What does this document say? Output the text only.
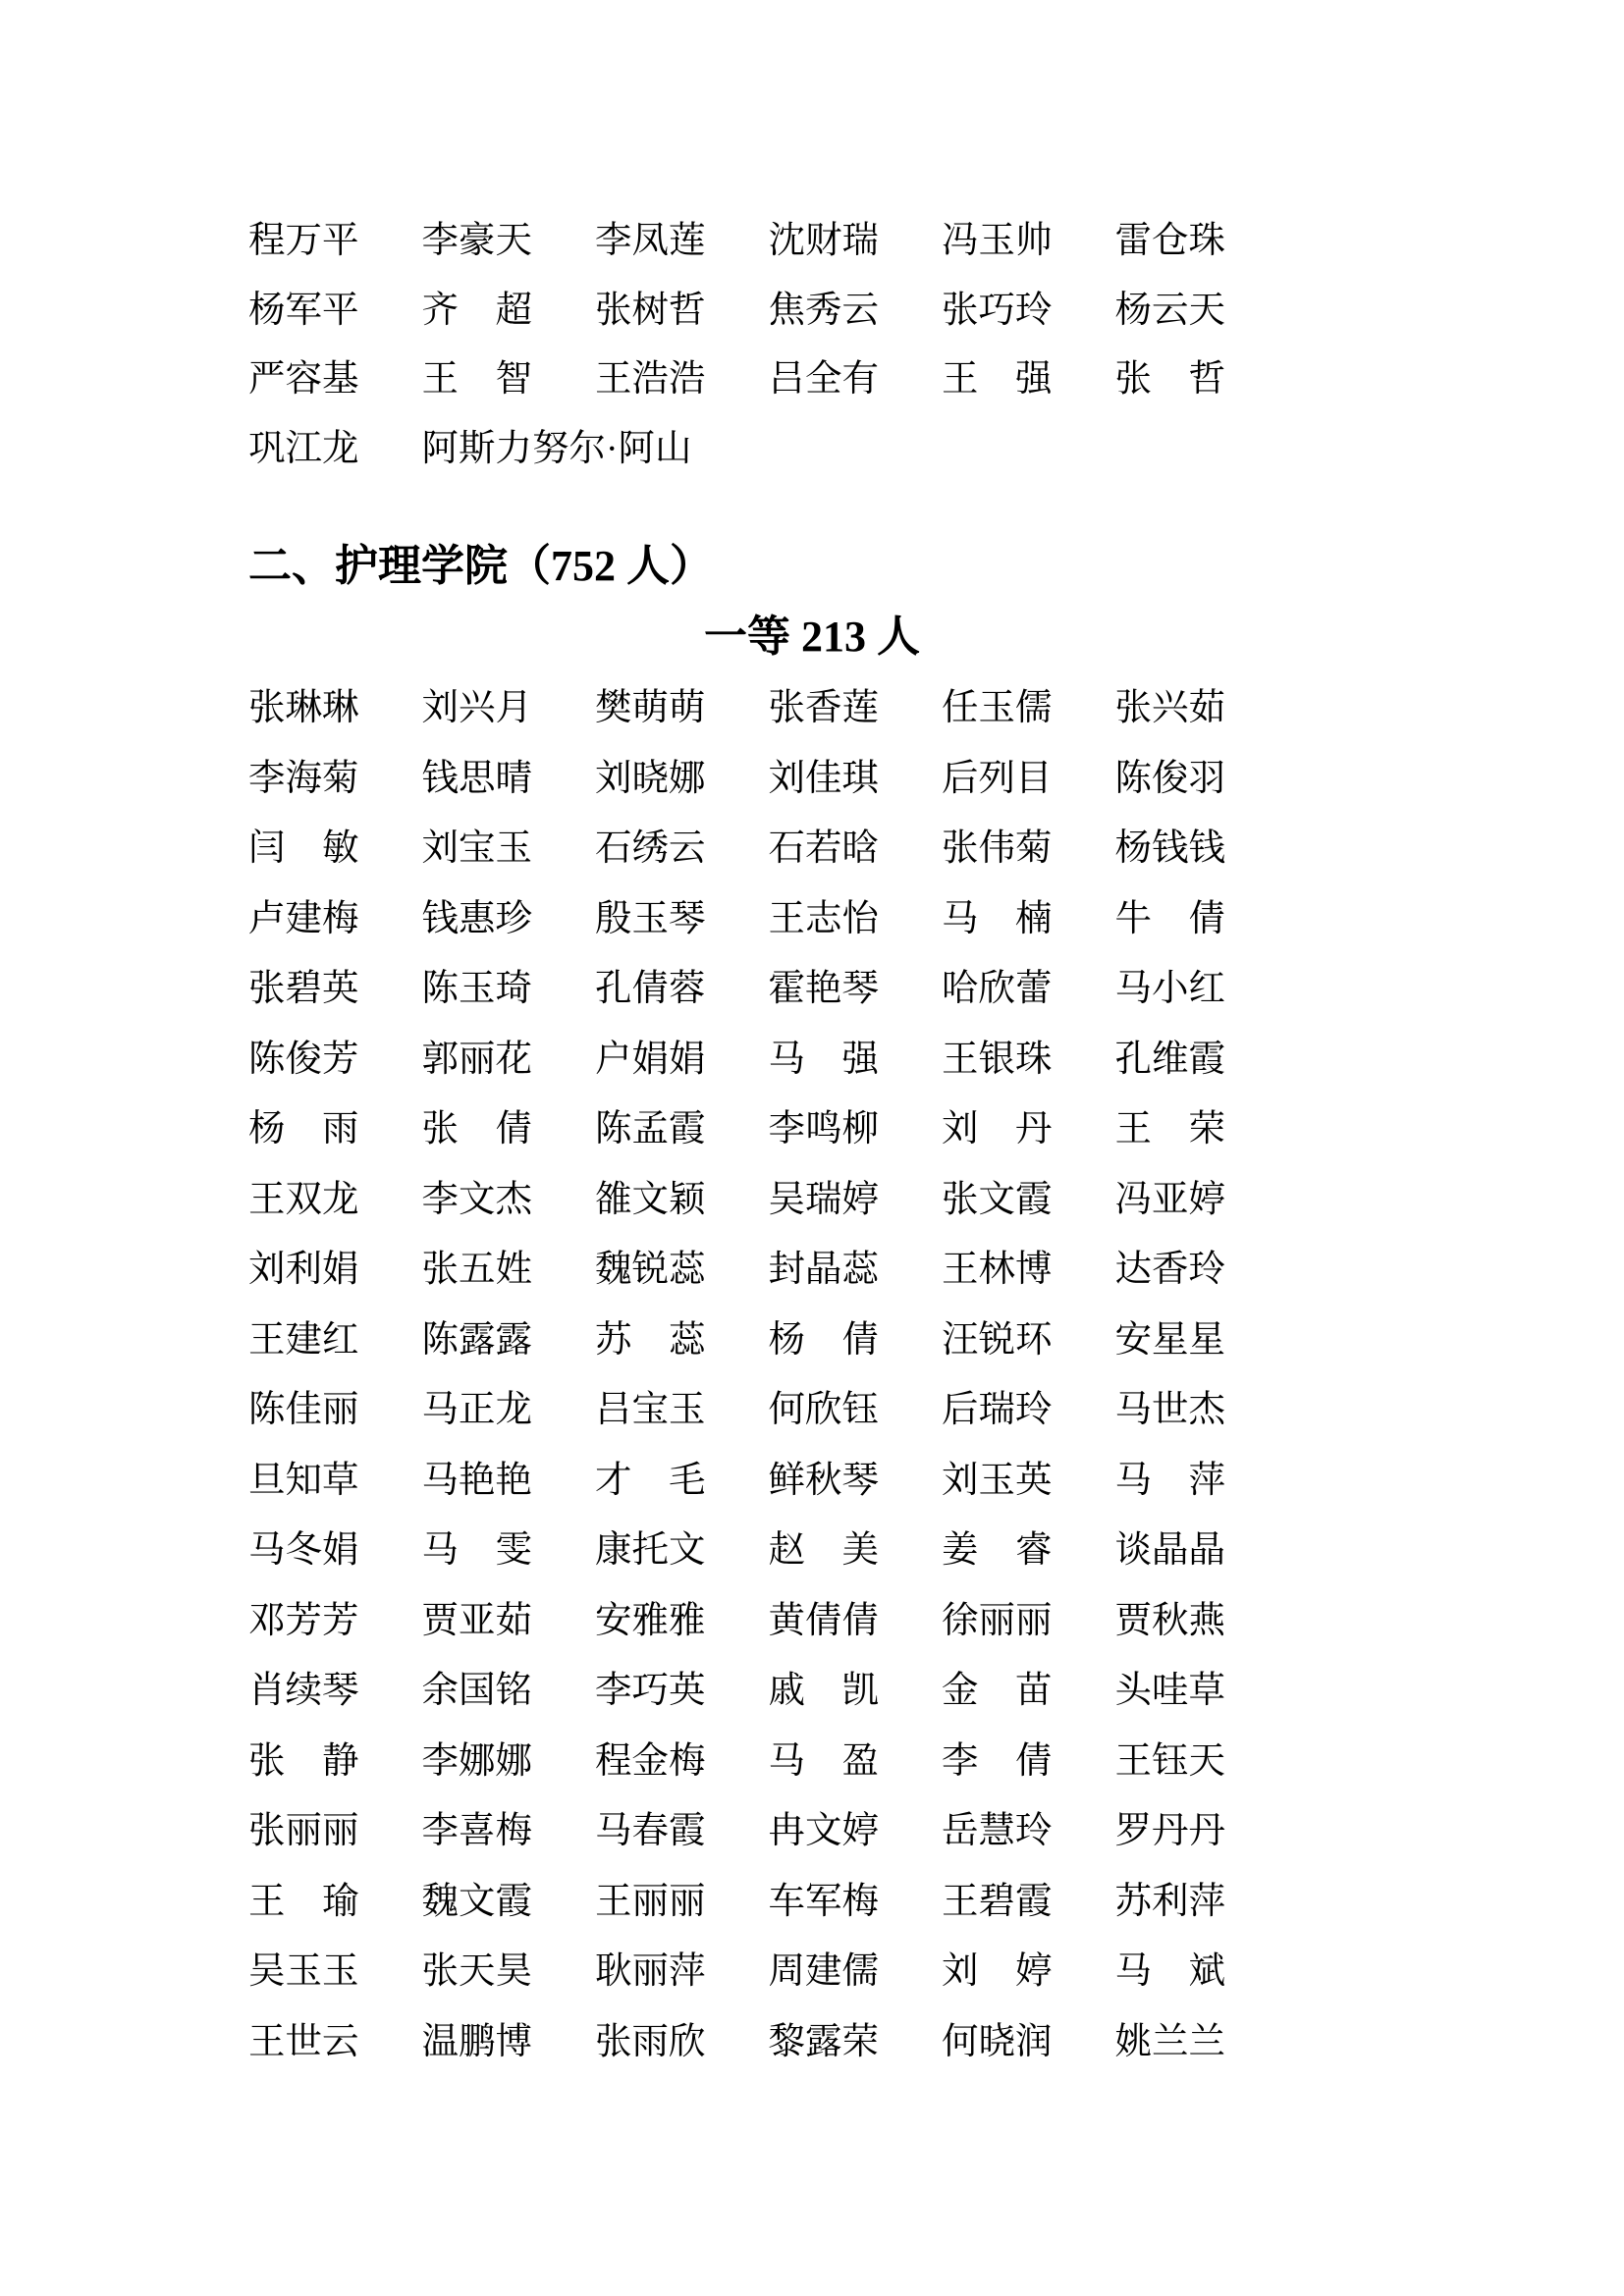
程万平 李豪天 李凤莲 沈财瑞 冯玉帅 雷仓珠
杨军平 齐　超 张树哲 焦秀云 张巧玲 杨云天
严容基 王　智 王浩浩 吕全有 王　强 张　哲
巩江龙 阿斯力努尔·阿山
二、护理学院（752 人）
一等 213 人
张琳琳 刘兴月 樊萌萌 张香莲 任玉儒 张兴茹
李海菊 钱思晴 刘晓娜 刘佳琪 后列目 陈俊羽
闫　敏 刘宝玉 石绣云 石若晗 张伟菊 杨钱钱
卢建梅 钱惠珍 殷玉琴 王志怡 马　楠 牛　倩
张碧英 陈玉琦 孔倩蓉 霍艳琴 哈欣蕾 马小红
陈俊芳 郭丽花 户娟娟 马　强 王银珠 孔维霞
杨　雨 张　倩 陈孟霞 李鸣柳 刘　丹 王　荣
王双龙 李文杰 雒文颖 吴瑞婷 张文霞 冯亚婷
刘利娟 张五姓 魏锐蕊 封晶蕊 王林博 达香玲
王建红 陈露露 苏　蕊 杨　倩 汪锐环 安星星
陈佳丽 马正龙 吕宝玉 何欣钰 后瑞玲 马世杰
旦知草 马艳艳 才　毛 鲜秋琴 刘玉英 马　萍
马冬娟 马　雯 康托文 赵　美 姜　睿 谈晶晶
邓芳芳 贾亚茹 安雅雅 黄倩倩 徐丽丽 贾秋燕
肖续琴 余国铭 李巧英 戚　凯 金　苗 头哇草
张　静 李娜娜 程金梅 马　盈 李　倩 王钰天
张丽丽 李喜梅 马春霞 冉文婷 岳慧玲 罗丹丹
王　瑜 魏文霞 王丽丽 车军梅 王碧霞 苏利萍
吴玉玉 张天昊 耿丽萍 周建儒 刘　婷 马　斌
王世云 温鹏博 张雨欣 黎露荣 何晓润 姚兰兰
